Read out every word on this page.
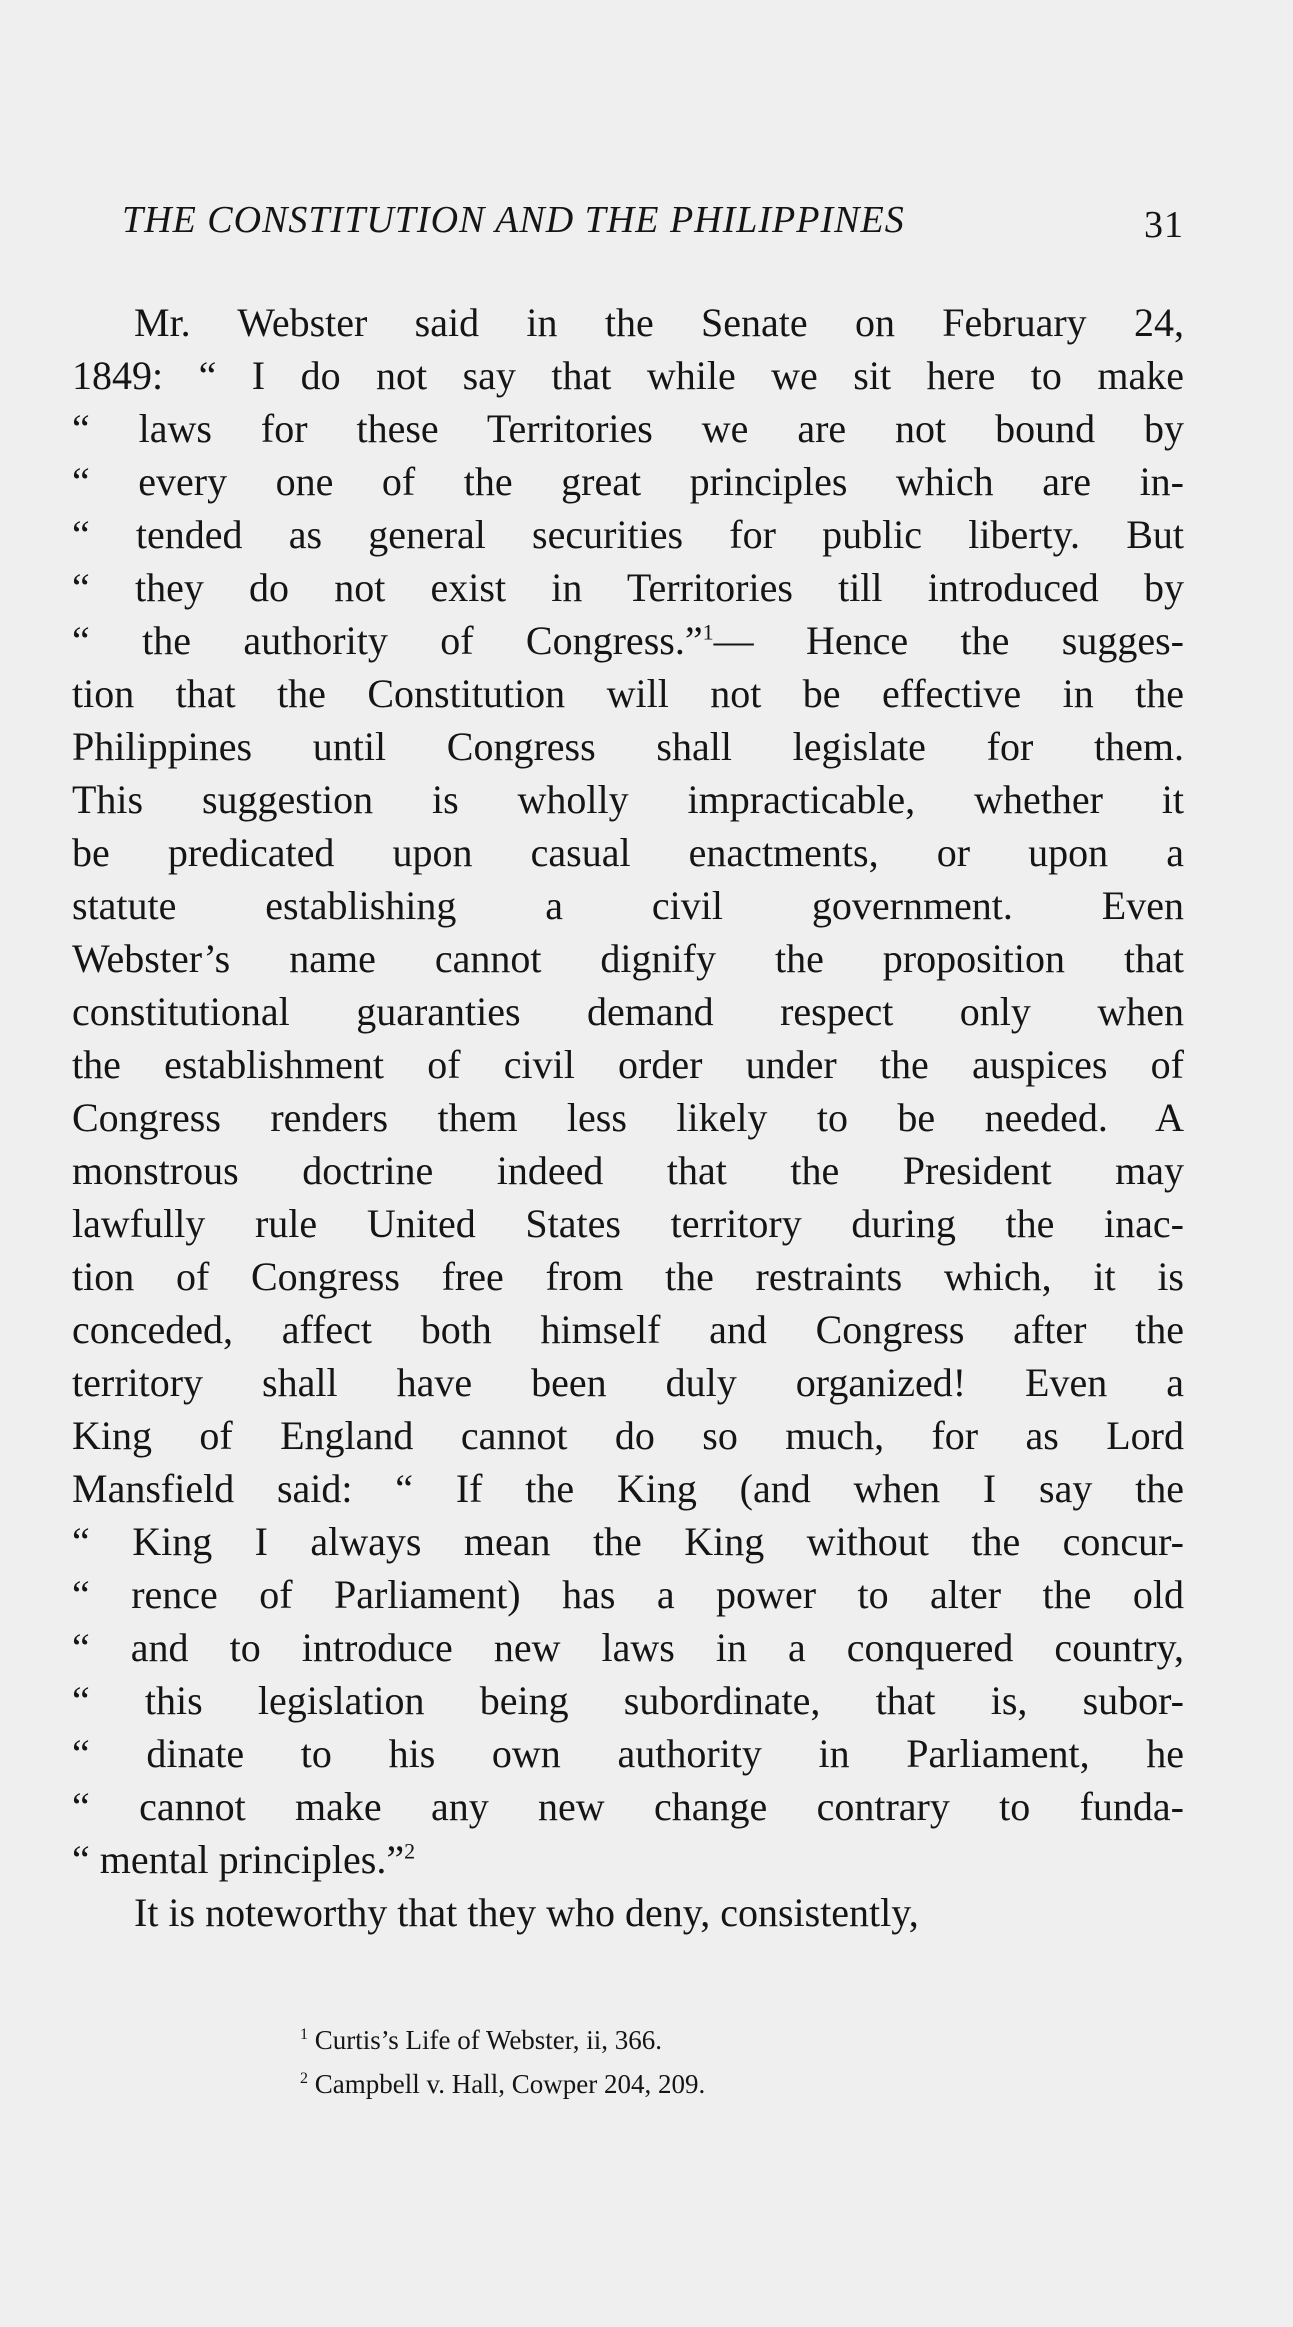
THE CONSTITUTION AND THE PHILIPPINES	31
Mr. Webster said in the Senate on February 24,
1849: “ I do not say that while we sit here to make
“ laws for these Territories we are not bound by
“ every one of the great principles which are in-
“ tended as general securities for public liberty. But
“ they do not exist in Territories till introduced by
“ the authority of Congress.”$^1$— Hence the sugges-
tion that the Constitution will not be effective in the
Philippines until Congress shall legislate for them.
This suggestion is wholly impracticable, whether it
be predicated upon casual enactments, or upon a
statute establishing a civil government. Even
Webster’s name cannot dignify the proposition that
constitutional guaranties demand respect only when
the establishment of civil order under the auspices of
Congress renders them less likely to be needed. A
monstrous doctrine indeed that the President may
lawfully rule United States territory during the inac-
tion of Congress free from the restraints which, it is
conceded, affect both himself and Congress after the
territory shall have been duly organized! Even a
King of England cannot do so much, for as Lord
Mansfield said: “ If the King (and when I say the
“ King I always mean the King without the concur-
“ rence of Parliament) has a power to alter the old
“ and to introduce new laws in a conquered country,
“ this legislation being subordinate, that is, subor-
“ dinate to his own authority in Parliament, he
“ cannot make any new change contrary to funda-
“ mental principles.”$^2$
It is noteworthy that they who deny, consistently,
$^1$ Curtis’s Life of Webster, ii, 366.
$^2$ Campbell v. Hall, Cowper 204, 209.
